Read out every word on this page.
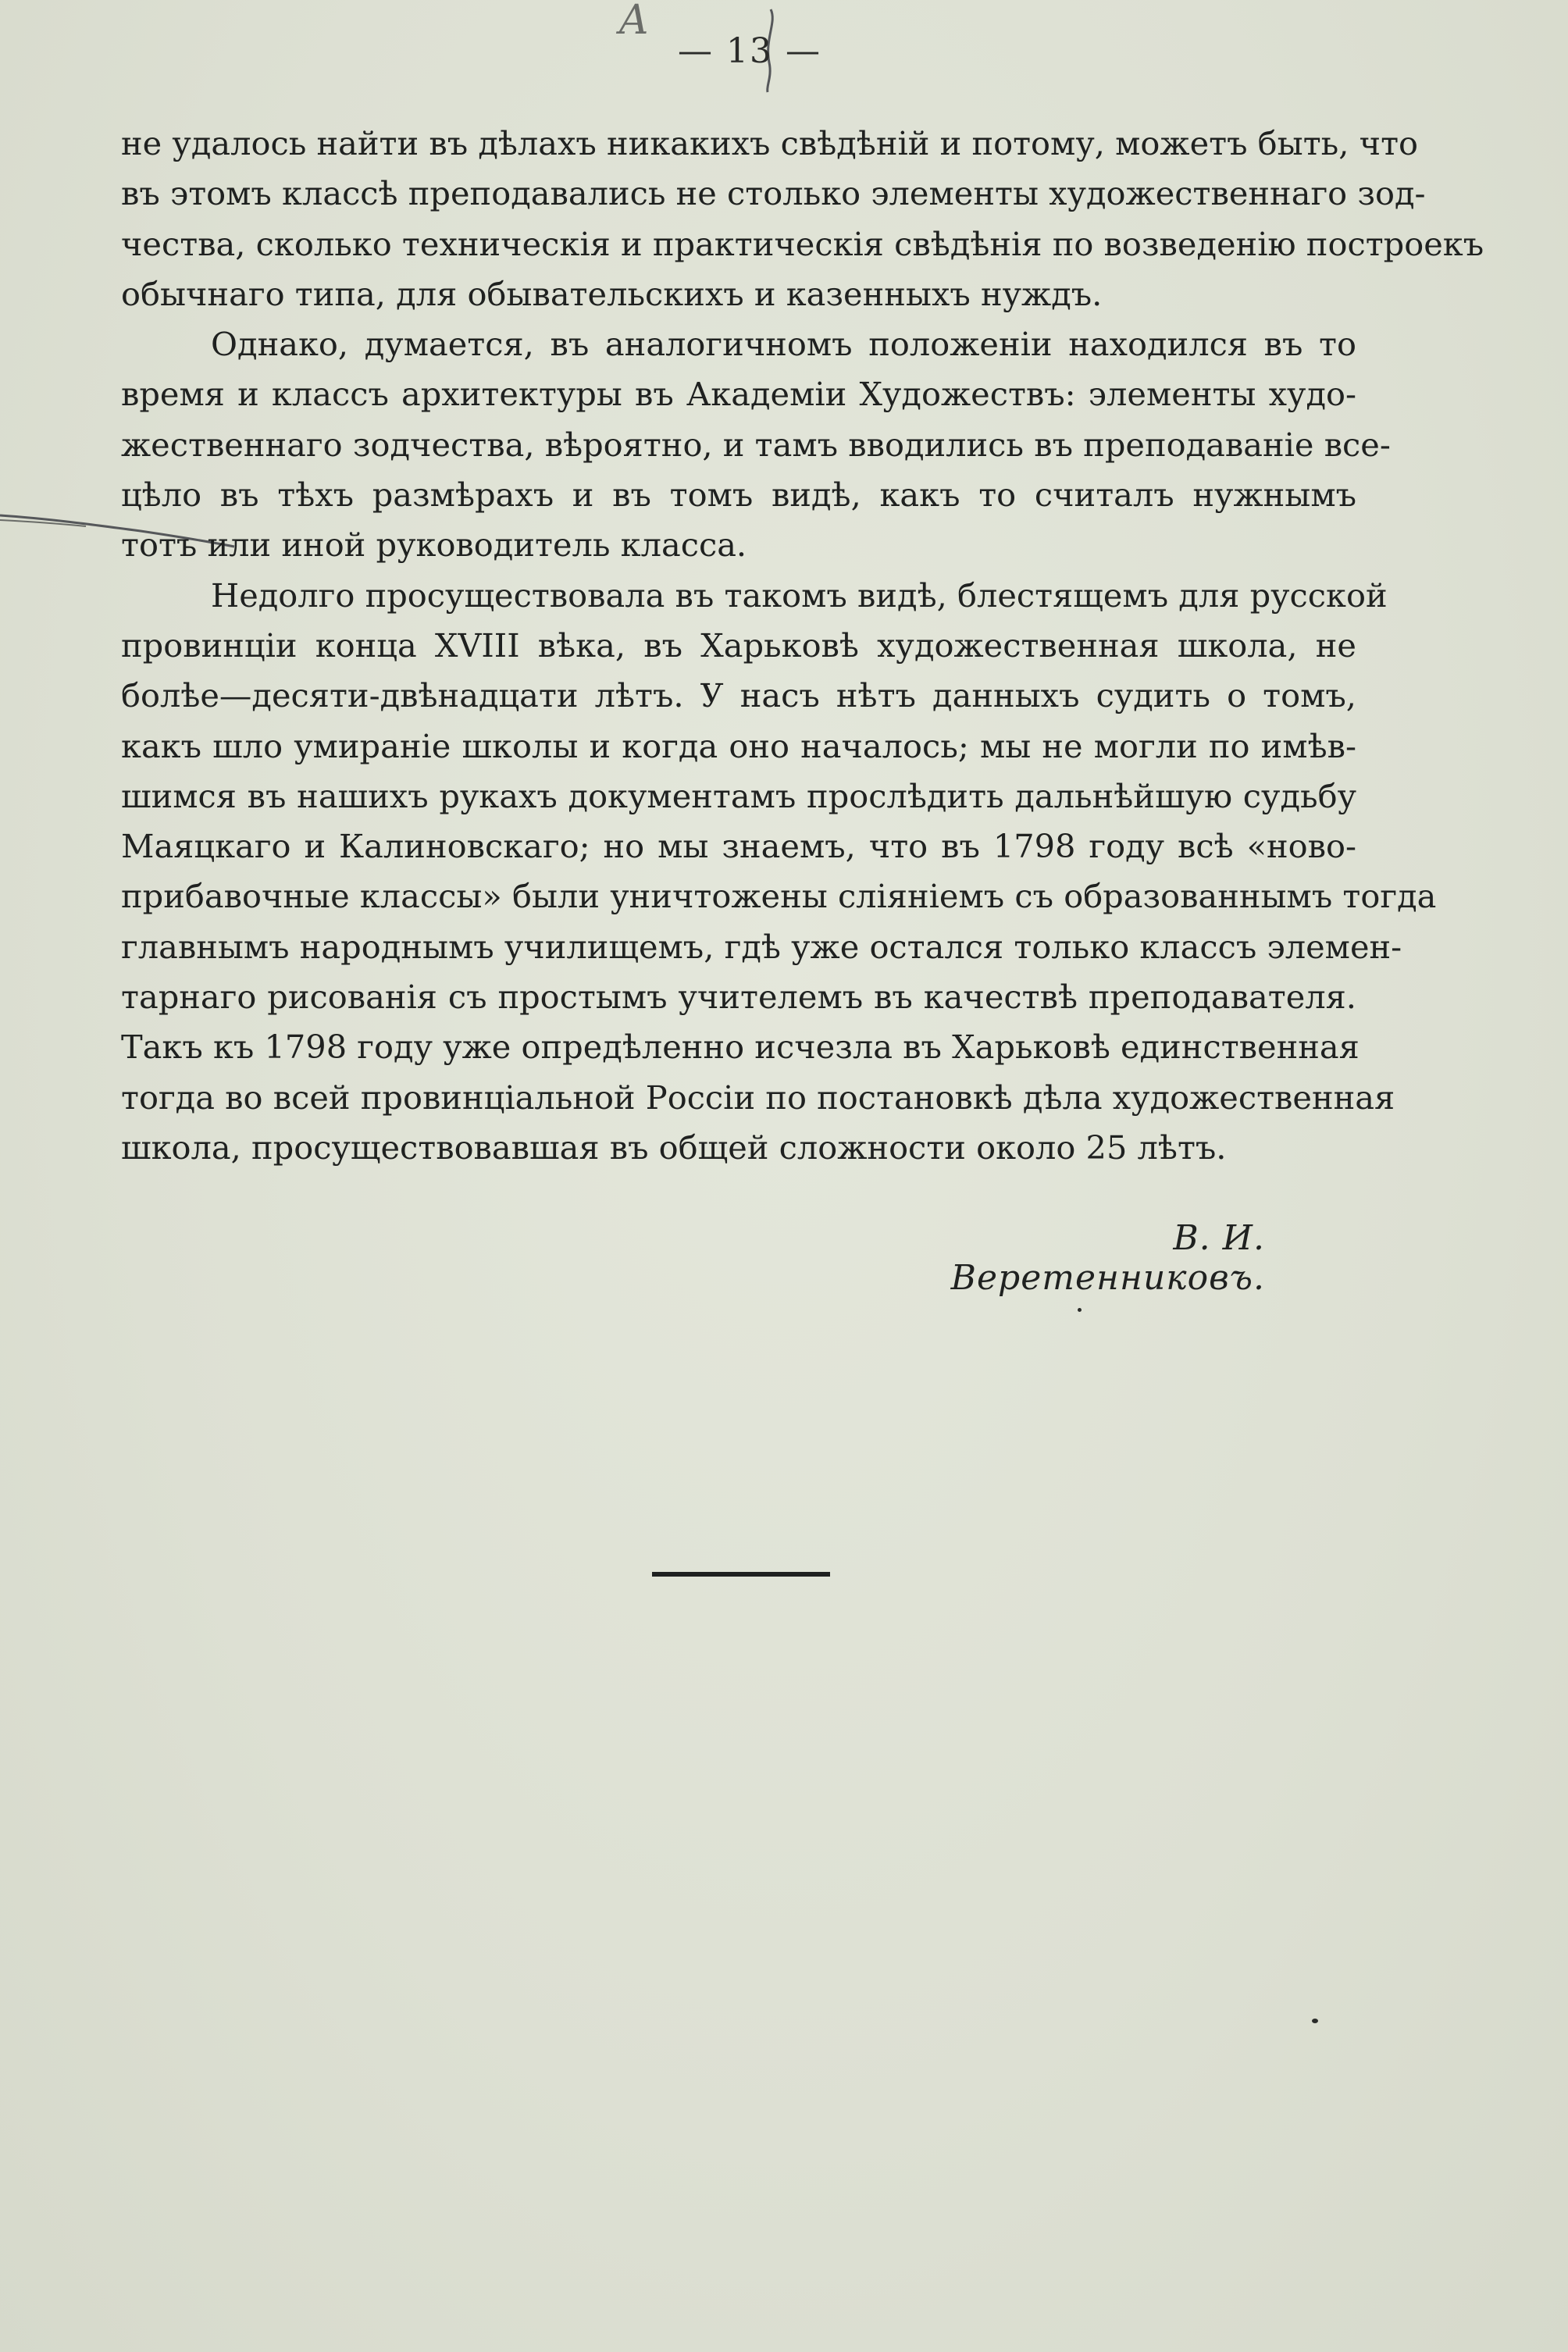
А
— 13 —
не удалось найти въ дѣлахъ никакихъ свѣдѣній и потому, можетъ быть, что
въ этомъ классѣ преподавались не столько элементы художественнаго зод-
чества, сколько техническія и практическія свѣдѣнія по возведенію построекъ
обычнаго типа, для обывательскихъ и казенныхъ нуждъ.
Однако, думается, въ аналогичномъ положеніи находился въ то
время и классъ архитектуры въ Академіи Художествъ: элементы худо-
жественнаго зодчества, вѣроятно, и тамъ вводились въ преподаваніе все-
цѣло въ тѣхъ размѣрахъ и въ томъ видѣ, какъ то считалъ нужнымъ
тотъ или иной руководитель класса.
Недолго просуществовала въ такомъ видѣ, блестящемъ для русской
провинціи конца XVIII вѣка, въ Харьковѣ художественная школа, не
болѣе—десяти-двѣнадцати лѣтъ. У насъ нѣтъ данныхъ судить о томъ,
какъ шло умираніе школы и когда оно началось; мы не могли по имѣв-
шимся въ нашихъ рукахъ документамъ прослѣдить дальнѣйшую судьбу
Маяцкаго и Калиновскаго; но мы знаемъ, что въ 1798 году всѣ «ново-
прибавочные классы» были уничтожены сліяніемъ съ образованнымъ тогда
главнымъ народнымъ училищемъ, гдѣ уже остался только классъ элемен-
тарнаго рисованія съ простымъ учителемъ въ качествѣ преподавателя.
Такъ къ 1798 году уже опредѣленно исчезла въ Харьковѣ единственная
тогда во всей провинціальной Россіи по постановкѣ дѣла художественная
школа, просуществовавшая въ общей сложности около 25 лѣтъ.
В. И. Веретенниковъ.
